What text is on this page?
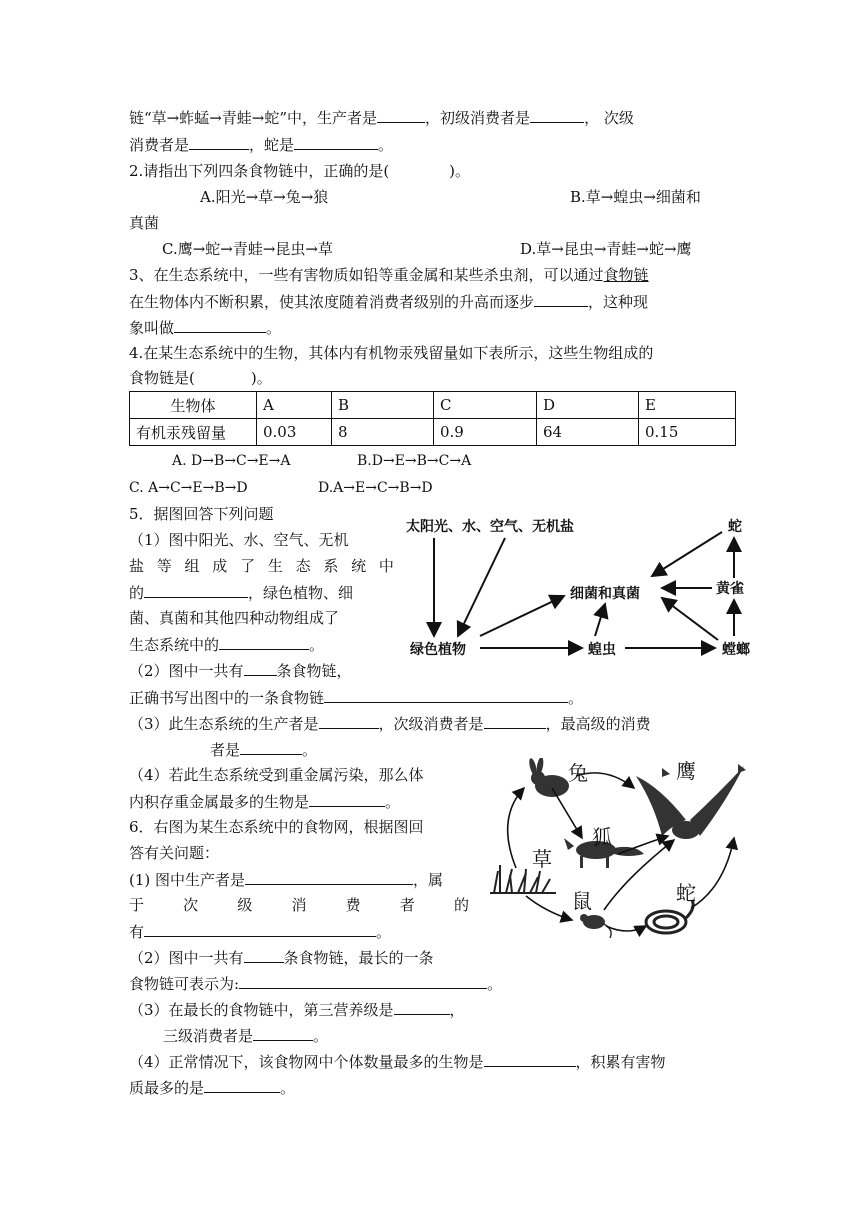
链“草→蚱蜢→青蛙→蛇”中，生产者是	，初级消费者是	， 次级
消费者是	，蛇是	。
2.请指出下列四条食物链中，正确的是(	)。
A.阳光→草→兔→狼	B.草→蝗虫→细菌和
真菌
C.鹰→蛇→青蛙→昆虫→草	D.草→昆虫→青蛙→蛇→鹰
3、在生态系统中，一些有害物质如铅等重金属和某些杀虫剂，可以通过食物链
在生物体内不断积累，使其浓度随着消费者级别的升高而逐步	，这种现
象叫做	。
4.在某生态系统中的生物，其体内有机物汞残留量如下表所示，这些生物组成的
食物链是(	)。
生物体	A	B	C	D	E
有机汞残留量	0.03	8	0.9	64	0.15
A. D→B→C→E→A	B.D→E→B→C→A
C. A→C→E→B→D	D.A→E→C→B→D
5．据图回答下列问题
（1）图中阳光、水、空气、无机
盐 等 组 成 了 生 态 系 统 中
的	，绿色植物、细
菌、真菌和其他四种动物组成了
生态系统中的	。
（2）图中一共有 条食物链，
正确书写出图中的一条食物链	。
（3）此生态系统的生产者是	，次级消费者是	，最高级的消费
者是	。
（4）若此生态系统受到重金属污染，那么体
内积存重金属最多的生物是	。
太阳光、水、空气、无机盐	蛇
细菌和真菌	黄雀
绿色植物	蝗虫	螳螂
6．右图为某生态系统中的食物网，根据图回
答有关问题：
(1) 图中生产者是	，属
于	次	级	消	费	者	的
有	。
（2）图中一共有	条食物链，最长的一条
食物链可表示为:	。
（3）在最长的食物链中，第三营养级是	，
三级消费者是	。
（4）正常情况下，该食物网中个体数量最多的生物是	，积累有害物
质最多的是	。
兔	鹰
狐
草
鼠	蛇
